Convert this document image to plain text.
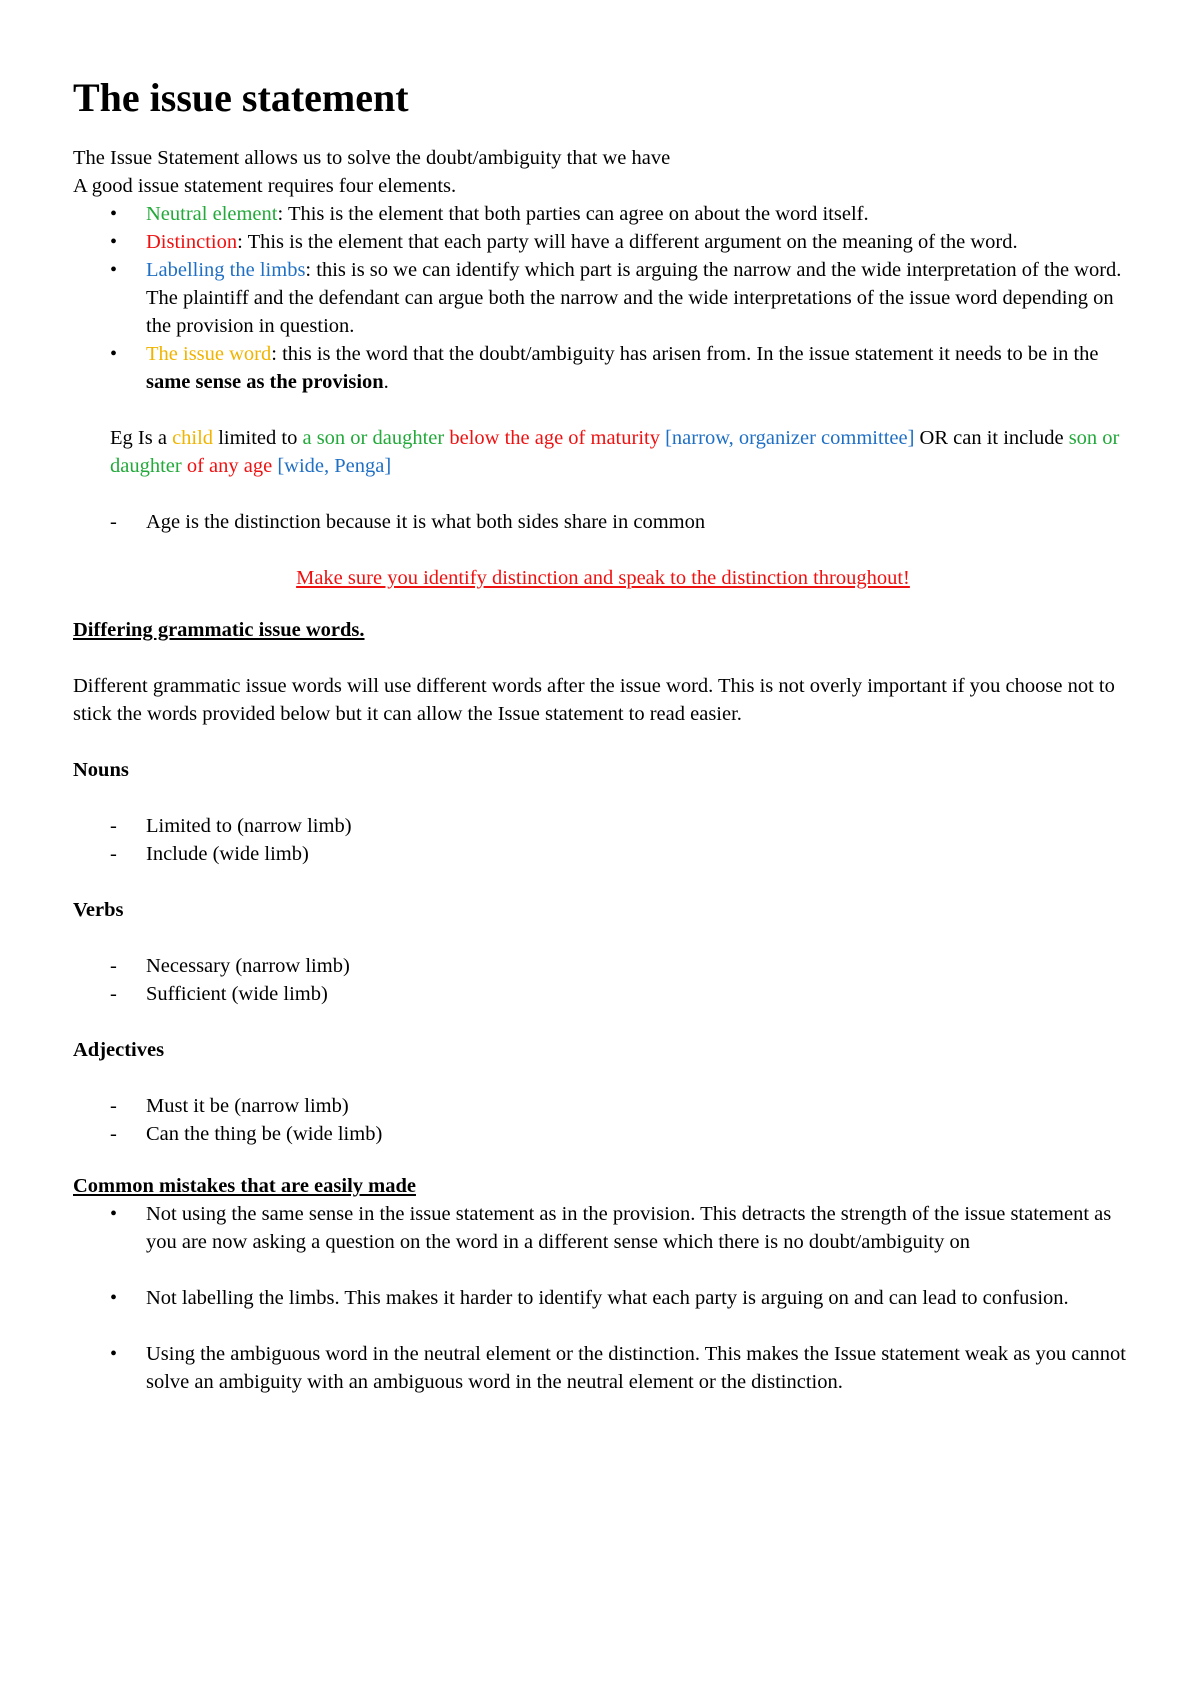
The issue statement

The Issue Statement allows us to solve the doubt/ambiguity that we have

A good issue statement requires four elements.

• Neutral element: This is the element that both parties can agree on about the word itself.
• Distinction: This is the element that each party will have a different argument on the meaning of the word.
• Labelling the limbs: this is so we can identify which part is arguing the narrow and the wide interpretation of the word. The plaintiff and the defendant can argue both the narrow and the wide interpretations of the issue word depending on the provision in question.
• The issue word: this is the word that the doubt/ambiguity has arisen from. In the issue statement it needs to be in the same sense as the provision.

Eg Is a child limited to a son or daughter below the age of maturity [narrow, organizer committee] OR can it include son or daughter of any age [wide, Penga]

- Age is the distinction because it is what both sides share in common

Make sure you identify distinction and speak to the distinction throughout!

Differing grammatic issue words.

Different grammatic issue words will use different words after the issue word. This is not overly important if you choose not to stick the words provided below but it can allow the Issue statement to read easier.

Nouns

- Limited to (narrow limb)
- Include (wide limb)

Verbs

- Necessary (narrow limb)
- Sufficient (wide limb)

Adjectives

- Must it be (narrow limb)
- Can the thing be (wide limb)

Common mistakes that are easily made

• Not using the same sense in the issue statement as in the provision. This detracts the strength of the issue statement as you are now asking a question on the word in a different sense which there is no doubt/ambiguity on
• Not labelling the limbs. This makes it harder to identify what each party is arguing on and can lead to confusion.
• Using the ambiguous word in the neutral element or the distinction. This makes the Issue statement weak as you cannot solve an ambiguity with an ambiguous word in the neutral element or the distinction.
